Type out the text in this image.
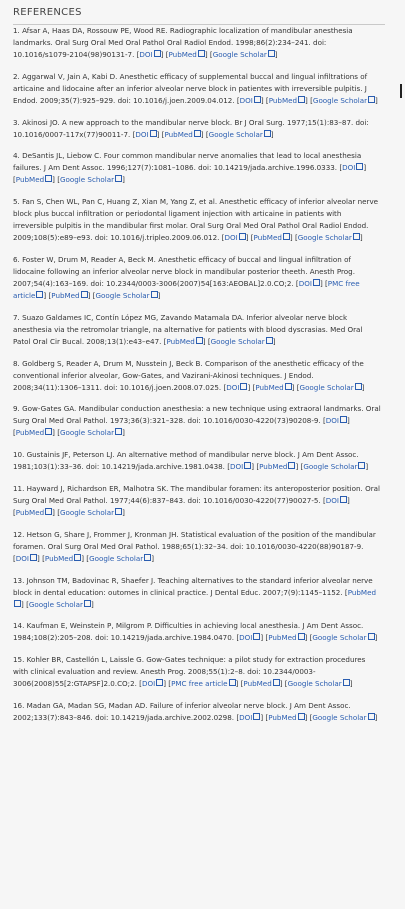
REFERENCES
1. Afsar A, Haas DA, Rossouw PE, Wood RE. Radiographic localization of mandibular anesthesia landmarks. Oral Surg Oral Med Oral Pathol Oral Radiol Endod. 1998;86(2):234–241. doi: 10.1016/s1079-2104(98)90131-7. [DOI ] [PubMed ] [Google Scholar ]
2. Aggarwal V, Jain A, Kabi D. Anesthetic efficacy of supplemental buccal and lingual infiltrations of articaine and lidocaine after an inferior alveolar nerve block in patientes with irreversible pulpitis. J Endod. 2009;35(7):925–929. doi: 10.1016/j.joen.2009.04.012. [DOI ] [PubMed ] [Google Scholar ]
3. Akinosi JO. A new approach to the mandibular nerve block. Br J Oral Surg. 1977;15(1):83–87. doi: 10.1016/0007-117x(77)90011-7. [DOI ] [PubMed ] [Google Scholar ]
4. DeSantis JL, Liebow C. Four common mandibular nerve anomalies that lead to local anesthesia failures. J Am Dent Assoc. 1996;127(7):1081–1086. doi: 10.14219/jada.archive.1996.0333. [DOI ] [PubMed ] [Google Scholar ]
5. Fan S, Chen WL, Pan C, Huang Z, Xian M, Yang Z, et al. Anesthetic efficacy of inferior alveolar nerve block plus buccal infiltration or periodontal ligament injection with articaine in patients with irreversible pulpitis in the mandibular first molar. Oral Surg Oral Med Oral Pathol Oral Radiol Endod. 2009;108(5):e89–e93. doi: 10.1016/j.tripleo.2009.06.012. [DOI ] [PubMed ] [Google Scholar ]
6. Foster W, Drum M, Reader A, Beck M. Anesthetic efficacy of buccal and lingual infiltration of lidocaine following an inferior alveolar nerve block in mandibular posterior theeth. Anesth Prog. 2007;54(4):163–169. doi: 10.2344/0003-3006(2007)54[163:AEOBAL]2.0.CO;2. [DOI ] [PMC free article ] [PubMed ] [Google Scholar ]
7. Suazo Galdames IC, Contín López MG, Zavando Matamala DA. Inferior alveolar nerve block anesthesia via the retromolar triangle, na alternative for patients with blood dyscrasias. Med Oral Patol Oral Cir Bucal. 2008;13(1):e43–e47. [PubMed ] [Google Scholar ]
8. Goldberg S, Reader A, Drum M, Nusstein J, Beck B. Comparison of the anesthetic efficacy of the conventional inferior alveolar, Gow-Gates, and Vazirani-Akinosi techniques. J Endod. 2008;34(11):1306–1311. doi: 10.1016/j.joen.2008.07.025. [DOI ] [PubMed ] [Google Scholar ]
9. Gow-Gates GA. Mandibular conduction anesthesia: a new technique using extraoral landmarks. Oral Surg Oral Med Oral Pathol. 1973;36(3):321–328. doi: 10.1016/0030-4220(73)90208-9. [DOI ] [PubMed ] [Google Scholar ]
10. Gustainis JF, Peterson LJ. An alternative method of mandibular nerve block. J Am Dent Assoc. 1981;103(1):33–36. doi: 10.14219/jada.archive.1981.0438. [DOI ] [PubMed ] [Google Scholar ]
11. Hayward J, Richardson ER, Malhotra SK. The mandibular foramen: its anteroposterior position. Oral Surg Oral Med Oral Pathol. 1977;44(6):837–843. doi: 10.1016/0030-4220(77)90027-5. [DOI ] [PubMed ] [Google Scholar ]
12. Hetson G, Share J, Frommer J, Kronman JH. Statistical evaluation of the position of the mandibular foramen. Oral Surg Oral Med Oral Pathol. 1988;65(1):32–34. doi: 10.1016/0030-4220(88)90187-9. [DOI ] [PubMed ] [Google Scholar ]
13. Johnson TM, Badovinac R, Shaefer J. Teaching alternatives to the standard inferior alveolar nerve block in dental education: outomes in clinical practice. J Dental Educ. 2007;7(9):1145–1152. [PubMed] [Google Scholar ]
14. Kaufman E, Weinstein P, Milgrom P. Difficulties in achieving local anesthesia. J Am Dent Assoc. 1984;108(2):205–208. doi: 10.14219/jada.archive.1984.0470. [DOI ] [PubMed ] [Google Scholar ]
15. Kohler BR, Castellón L, Laissle G. Gow-Gates technique: a pilot study for extraction procedures with clinical evaluation and review. Anesth Prog. 2008;55(1):2–8. doi: 10.2344/0003-3006(2008)55[2:GTAPSF]2.0.CO;2. [DOI ] [PMC free article ] [PubMed ] [Google Scholar ]
16. Madan GA, Madan SG, Madan AD. Failure of inferior alveolar nerve block. J Am Dent Assoc. 2002;133(7):843–846. doi: 10.14219/jada.archive.2002.0298. [DOI ] [PubMed ] [Google Scholar ]
